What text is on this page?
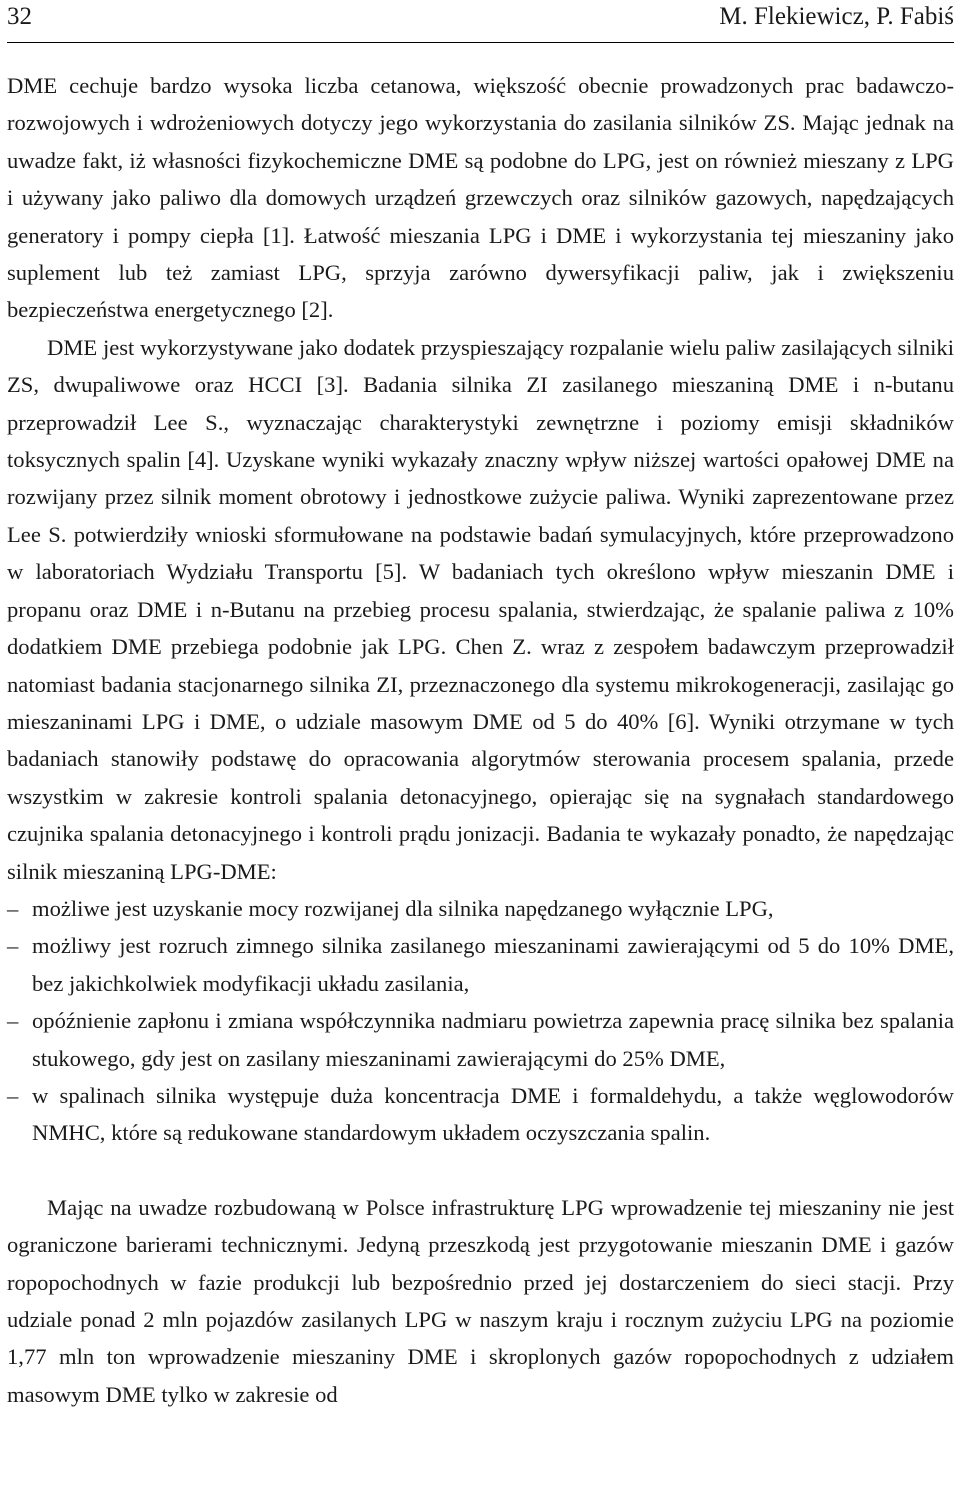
32	M. Flekiewicz, P. Fabiś

DME cechuje bardzo wysoka liczba cetanowa, większość obecnie prowadzonych prac badawczo-rozwojowych i wdrożeniowych dotyczy jego wykorzystania do zasilania silników ZS. Mając jednak na uwadze fakt, iż własności fizykochemiczne DME są podobne do LPG, jest on również mieszany z LPG i używany jako paliwo dla domowych urządzeń grzewczych oraz silników gazowych, napędzających generatory i pompy ciepła [1]. Łatwość mieszania LPG i DME i wykorzystania tej mieszaniny jako suplement lub też zamiast LPG, sprzyja zarówno dywersyfikacji paliw, jak i zwiększeniu bezpieczeństwa energetycznego [2].

DME jest wykorzystywane jako dodatek przyspieszający rozpalanie wielu paliw zasilających silniki ZS, dwupaliwowe oraz HCCI [3]. Badania silnika ZI zasilanego mieszaniną DME i n-butanu przeprowadził Lee S., wyznaczając charakterystyki zewnętrzne i poziomy emisji składników toksycznych spalin [4]. Uzyskane wyniki wykazały znaczny wpływ niższej wartości opałowej DME na rozwijany przez silnik moment obrotowy i jednostkowe zużycie paliwa. Wyniki zaprezentowane przez Lee S. potwierdziły wnioski sformułowane na podstawie badań symulacyjnych, które przeprowadzono w laboratoriach Wydziału Transportu [5]. W badaniach tych określono wpływ mieszanin DME i propanu oraz DME i n-Butanu na przebieg procesu spalania, stwierdzając, że spalanie paliwa z 10% dodatkiem DME przebiega podobnie jak LPG. Chen Z. wraz z zespołem badawczym przeprowadził natomiast badania stacjonarnego silnika ZI, przeznaczonego dla systemu mikrokogeneracji, zasilając go mieszaninami LPG i DME, o udziale masowym DME od 5 do 40% [6]. Wyniki otrzymane w tych badaniach stanowiły podstawę do opracowania algorytmów sterowania procesem spalania, przede wszystkim w zakresie kontroli spalania detonacyjnego, opierając się na sygnałach standardowego czujnika spalania detonacyjnego i kontroli prądu jonizacji. Badania te wykazały ponadto, że napędzając silnik mieszaniną LPG-DME:

– możliwe jest uzyskanie mocy rozwijanej dla silnika napędzanego wyłącznie LPG,
– możliwy jest rozruch zimnego silnika zasilanego mieszaninami zawierającymi od 5 do 10% DME, bez jakichkolwiek modyfikacji układu zasilania,
– opóźnienie zapłonu i zmiana współczynnika nadmiaru powietrza zapewnia pracę silnika bez spalania stukowego, gdy jest on zasilany mieszaninami zawierającymi do 25% DME,
– w spalinach silnika występuje duża koncentracja DME i formaldehydu, a także węglowodorów NMHC, które są redukowane standardowym układem oczyszczania spalin.

Mając na uwadze rozbudowaną w Polsce infrastrukturę LPG wprowadzenie tej mieszaniny nie jest ograniczone barierami technicznymi. Jedyną przeszkodą jest przygotowanie mieszanin DME i gazów ropopochodnych w fazie produkcji lub bezpośrednio przed jej dostarczeniem do sieci stacji. Przy udziale ponad 2 mln pojazdów zasilanych LPG w naszym kraju i rocznym zużyciu LPG na poziomie 1,77 mln ton wprowadzenie mieszaniny DME i skroplonych gazów ropopochodnych z udziałem masowym DME tylko w zakresie od
